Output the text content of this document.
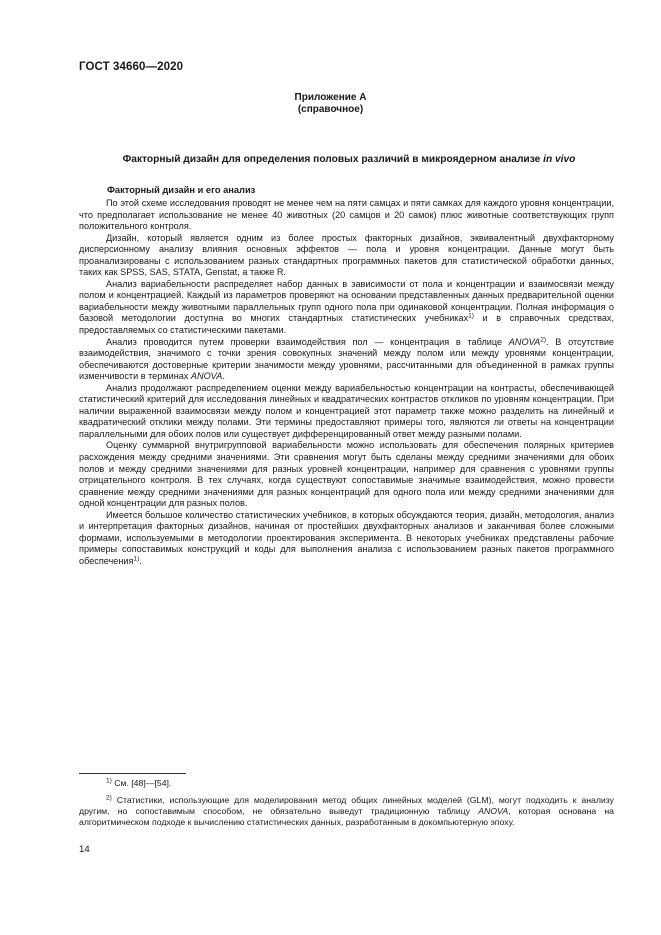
ГОСТ 34660—2020
Приложение А
(справочное)
Факторный дизайн для определения половых различий в микроядерном анализе in vivo
Факторный дизайн и его анализ

По этой схеме исследования проводят не менее чем на пяти самцах и пяти самках для каждого уровня концентрации, что предполагает использование не менее 40 животных (20 самцов и 20 самок) плюс животные соответствующих групп положительного контроля.

Дизайн, который является одним из более простых факторных дизайнов, эквивалентный двухфакторному дисперсионному анализу влияния основных эффектов — пола и уровня концентрации. Данные могут быть проанализированы с использованием разных стандартных программных пакетов для статистической обработки данных, таких как SPSS, SAS, STATA, Genstat, а также R.

Анализ вариабельности распределяет набор данных в зависимости от пола и концентрации и взаимосвязи между полом и концентрацией. Каждый из параметров проверяют на основании представленных данных предварительной оценки вариабельности между животными параллельных групп одного пола при одинаковой концентрации. Полная информация о базовой методологии доступна во многих стандартных статистических учебниках$^{1)}$ и в справочных средствах, предоставляемых со статистическими пакетами.

Анализ проводится путем проверки взаимодействия пол — концентрация в таблице ANOVA$^{2)}$. В отсутствие взаимодействия, значимого с точки зрения совокупных значений между полом или между уровнями концентрации, обеспечиваются достоверные критерии значимости между уровнями, рассчитанными для объединенной в рамках группы изменчивости в терминах ANOVA.

Анализ продолжают распределением оценки между вариабельностью концентрации на контрасты, обеспечивающей статистический критерий для исследования линейных и квадратических контрастов откликов по уровням концентрации. При наличии выраженной взаимосвязи между полом и концентрацией этот параметр также можно разделить на линейный и квадратический отклики между полами. Эти термины предоставляют примеры того, являются ли ответы на концентрации параллельными для обоих полов или существует дифференцированный ответ между разными полами.

Оценку суммарной внутригрупповой вариабельности можно использовать для обеспечения полярных критериев расхождения между средними значениями. Эти сравнения могут быть сделаны между средними значениями для обоих полов и между средними значениями для разных уровней концентрации, например для сравнения с уровнями группы отрицательного контроля. В тех случаях, когда существуют сопоставимые значимые взаимодействия, можно провести сравнение между средними значениями для разных концентраций для одного пола или между средними значениями для одной концентрации для разных полов.

Имеется большое количество статистических учебников, в которых обсуждаются теория, дизайн, методология, анализ и интерпретация факторных дизайнов, начиная от простейших двухфакторных анализов и заканчивая более сложными формами, используемыми в методологии проектирования эксперимента. В некоторых учебниках представлены рабочие примеры сопоставимых конструкций и коды для выполнения анализа с использованием разных пакетов программного обеспечения$^{1)}$.

$^{1)}$ См. [48]—[54].

$^{2)}$ Статистики, использующие для моделирования метод общих линейных моделей (GLM), могут подходить к анализу другим, но сопоставимым способом, не обязательно выведут традиционную таблицу ANOVA, которая основана на алгоритмическом подходе к вычислению статистических данных, разработанным в докомпьютерную эпоху.

14
